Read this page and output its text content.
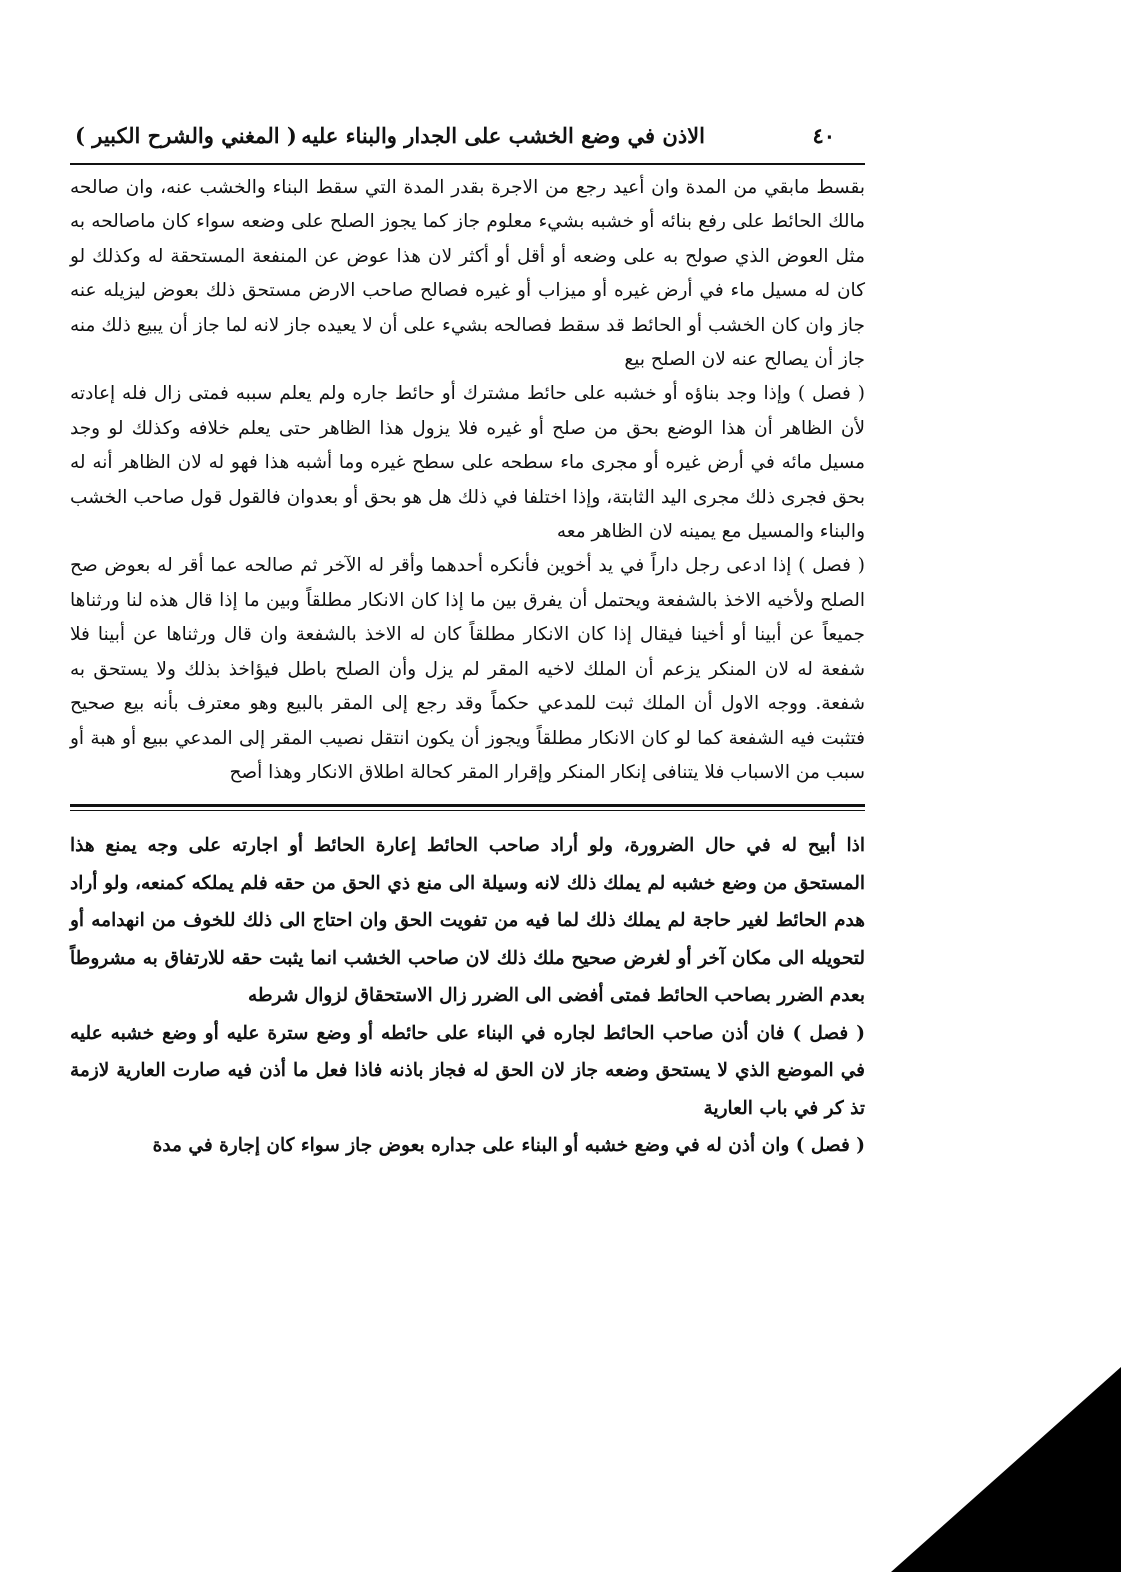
٤٠
الاذن في وضع الخشب على الجدار والبناء عليه
( المغني والشرح الكبير )

بقسط مابقي من المدة وان أعيد رجع من الاجرة بقدر المدة التي سقط البناء والخشب عنه، وان صالحه مالك الحائط على رفع بنائه أو خشبه بشيء معلوم جاز كما يجوز الصلح على وضعه سواء كان ماصالحه به مثل العوض الذي صولح به على وضعه أو أقل أو أكثر لان هذا عوض عن المنفعة المستحقة له وكذلك لو كان له مسيل ماء في أرض غيره أو ميزاب أو غيره فصالح صاحب الارض مستحق ذلك بعوض ليزيله عنه جاز وان كان الخشب أو الحائط قد سقط فصالحه بشيء على أن لا يعيده جاز لانه لما جاز أن يبيع ذلك منه جاز أن يصالح عنه لان الصلح بيع

( فصل ) وإذا وجد بناؤه أو خشبه على حائط مشترك أو حائط جاره ولم يعلم سببه فمتى زال فله إعادته لأن الظاهر أن هذا الوضع بحق من صلح أو غيره فلا يزول هذا الظاهر حتى يعلم خلافه وكذلك لو وجد مسيل مائه في أرض غيره أو مجرى ماء سطحه على سطح غيره وما أشبه هذا فهو له لان الظاهر أنه له بحق فجرى ذلك مجرى اليد الثابتة، وإذا اختلفا في ذلك هل هو بحق أو بعدوان فالقول قول صاحب الخشب والبناء والمسيل مع يمينه لان الظاهر معه

( فصل ) إذا ادعى رجل داراً في يد أخوين فأنكره أحدهما وأقر له الآخر ثم صالحه عما أقر له بعوض صح الصلح ولأخيه الاخذ بالشفعة ويحتمل أن يفرق بين ما إذا كان الانكار مطلقاً وبين ما إذا قال هذه لنا ورثناها جميعاً عن أبينا أو أخينا فيقال إذا كان الانكار مطلقاً كان له الاخذ بالشفعة وان قال ورثناها عن أبينا فلا شفعة له لان المنكر يزعم أن الملك لاخيه المقر لم يزل وأن الصلح باطل فيؤاخذ بذلك ولا يستحق به شفعة. ووجه الاول أن الملك ثبت للمدعي حكماً وقد رجع إلى المقر بالبيع وهو معترف بأنه بيع صحيح فتثبت فيه الشفعة كما لو كان الانكار مطلقاً ويجوز أن يكون انتقل نصيب المقر إلى المدعي ببيع أو هبة أو سبب من الاسباب فلا يتنافى إنكار المنكر وإقرار المقر كحالة اطلاق الانكار وهذا أصح

اذا أبيح له في حال الضرورة، ولو أراد صاحب الحائط إعارة الحائط أو اجارته على وجه يمنع هذا المستحق من وضع خشبه لم يملك ذلك لانه وسيلة الى منع ذي الحق من حقه فلم يملكه كمنعه، ولو أراد هدم الحائط لغير حاجة لم يملك ذلك لما فيه من تفويت الحق وان احتاج الى ذلك للخوف من انهدامه أو لتحويله الى مكان آخر أو لغرض صحيح ملك ذلك لان صاحب الخشب انما يثبت حقه للارتفاق به مشروطاً بعدم الضرر بصاحب الحائط فمتى أفضى الى الضرر زال الاستحقاق لزوال شرطه

( فصل ) فان أذن صاحب الحائط لجاره في البناء على حائطه أو وضع سترة عليه أو وضع خشبه عليه في الموضع الذي لا يستحق وضعه جاز لان الحق له فجاز باذنه فاذا فعل ما أذن فيه صارت العارية لازمة تذ كر في باب العارية

( فصل ) وان أذن له في وضع خشبه أو البناء على جداره بعوض جاز سواء كان إجارة في مدة
